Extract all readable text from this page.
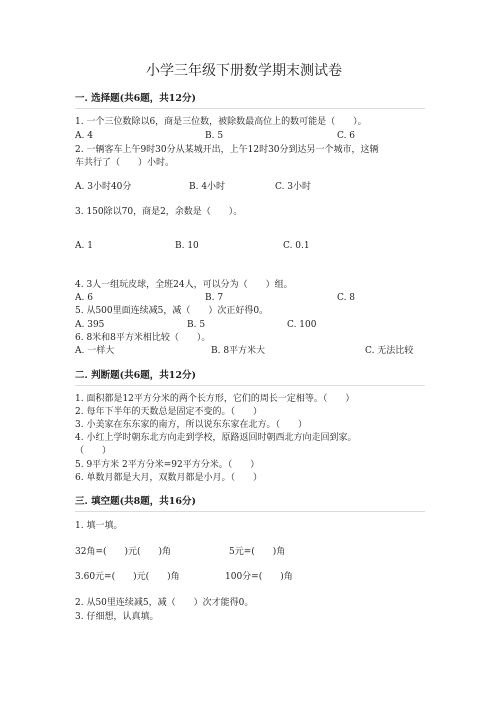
小学三年级下册数学期末测试卷
一. 选择题(共6题，共12分)
1. 一个三位数除以6，商是三位数，被除数最高位上的数可能是（　　）。
A. 4	B. 5	C. 6
2. 一辆客车上午9时30分从某城开出，上午12时30分到达另一个城市，这辆
车共行了（　　）小时。
A. 3小时40分	B. 4小时	C. 3小时
3. 150除以70，商是2，余数是（　　）。
A. 1	B. 10	C. 0.1
4. 3人一组玩皮球，全班24人，可以分为（　　）组。
A. 6	B. 7	C. 8
5. 从500里面连续减5，减（　　）次正好得0。
A. 395	B. 5	C. 100
6. 8米和8平方米相比较（　　）。
A. 一样大	B. 8平方米大	C. 无法比较
二. 判断题(共6题，共12分)
1. 面积都是12平方分米的两个长方形，它们的周长一定相等。（　　）
2. 每年下半年的天数总是固定不变的。（　　）
3. 小美家在东东家的南方，所以说东东家在北方。（　　）
4. 小红上学时朝东北方向走到学校，原路返回时朝西北方向走回到家。
（　　）
5. 9平方米 2平方分米=92平方分米。（　　）
6. 单数月都是大月，双数月都是小月。（　　）
三. 填空题(共8题，共16分)
1. 填一填。
32角=(　　)元(　　)角	5元=(　　)角
3.60元=(　　)元(　　)角	100分=(　　)角
2. 从50里连续减5，减（　　）次才能得0。
3. 仔细想，认真填。
